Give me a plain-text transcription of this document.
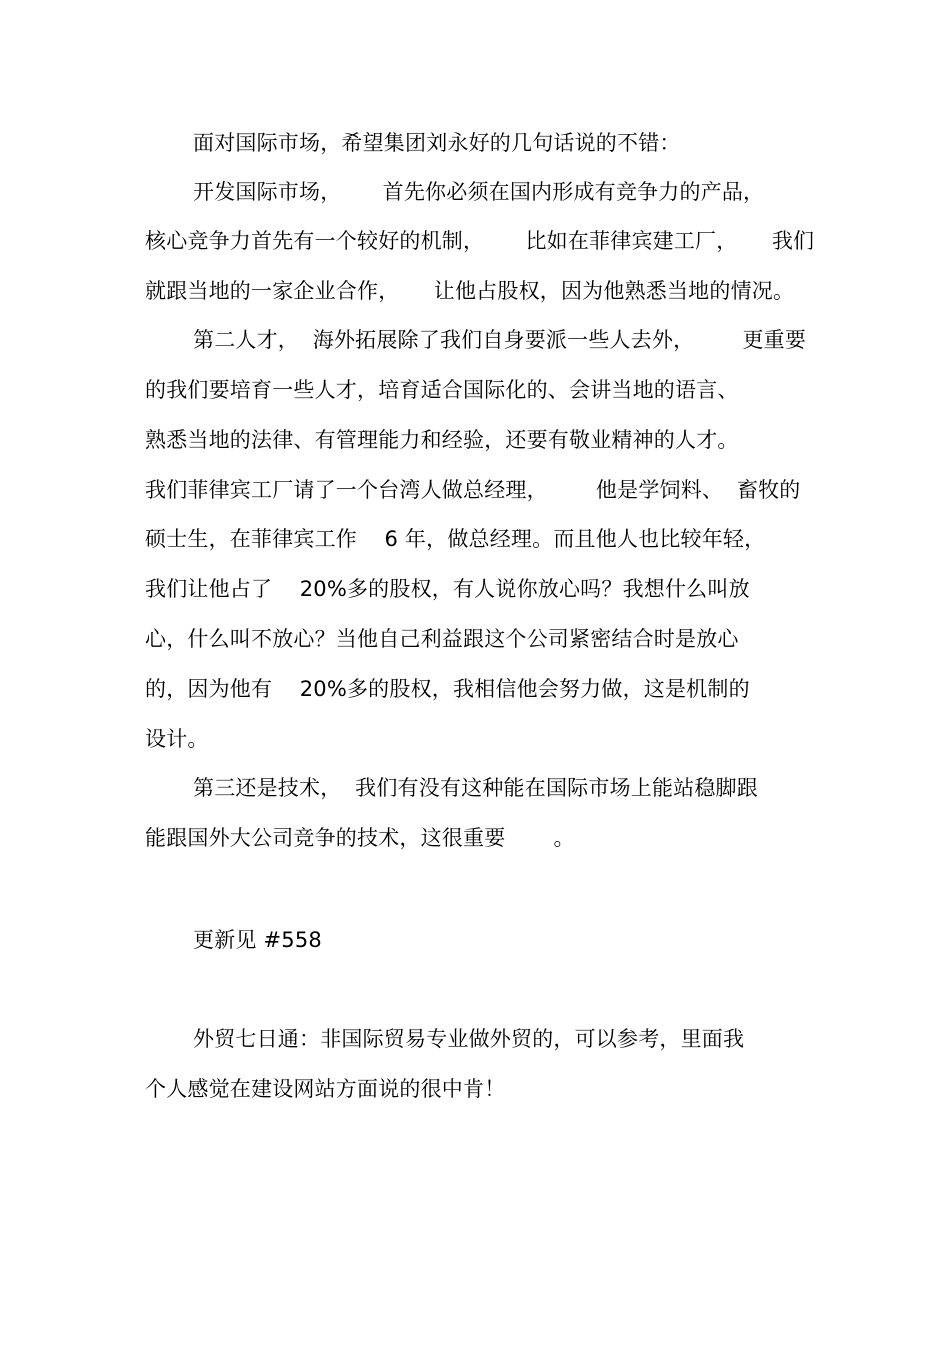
面对国际市场，希望集团刘永好的几句话说的不错：
开发国际市场，      首先你必须在国内形成有竞争力的产品，
核心竞争力首先有一个较好的机制，      比如在菲律宾建工厂，     我们
就跟当地的一家企业合作，     让他占股权，因为他熟悉当地的情况。
第二人才，  海外拓展除了我们自身要派一些人去外，       更重要
的我们要培育一些人才，培育适合国际化的、会讲当地的语言、
熟悉当地的法律、有管理能力和经验，还要有敬业精神的人才。
我们菲律宾工厂请了一个台湾人做总经理，       他是学饲料、  畜牧的
硕士生，在菲律宾工作    6 年，做总经理。而且他人也比较年轻，
我们让他占了    20%多的股权，有人说你放心吗？我想什么叫放
心，什么叫不放心？当他自己利益跟这个公司紧密结合时是放心
的，因为他有    20%多的股权，我相信他会努力做，这是机制的
设计。
第三还是技术，  我们有没有这种能在国际市场上能站稳脚跟
能跟国外大公司竞争的技术，这很重要       。
更新见 #558
外贸七日通：非国际贸易专业做外贸的，可以参考，里面我
个人感觉在建设网站方面说的很中肯！
